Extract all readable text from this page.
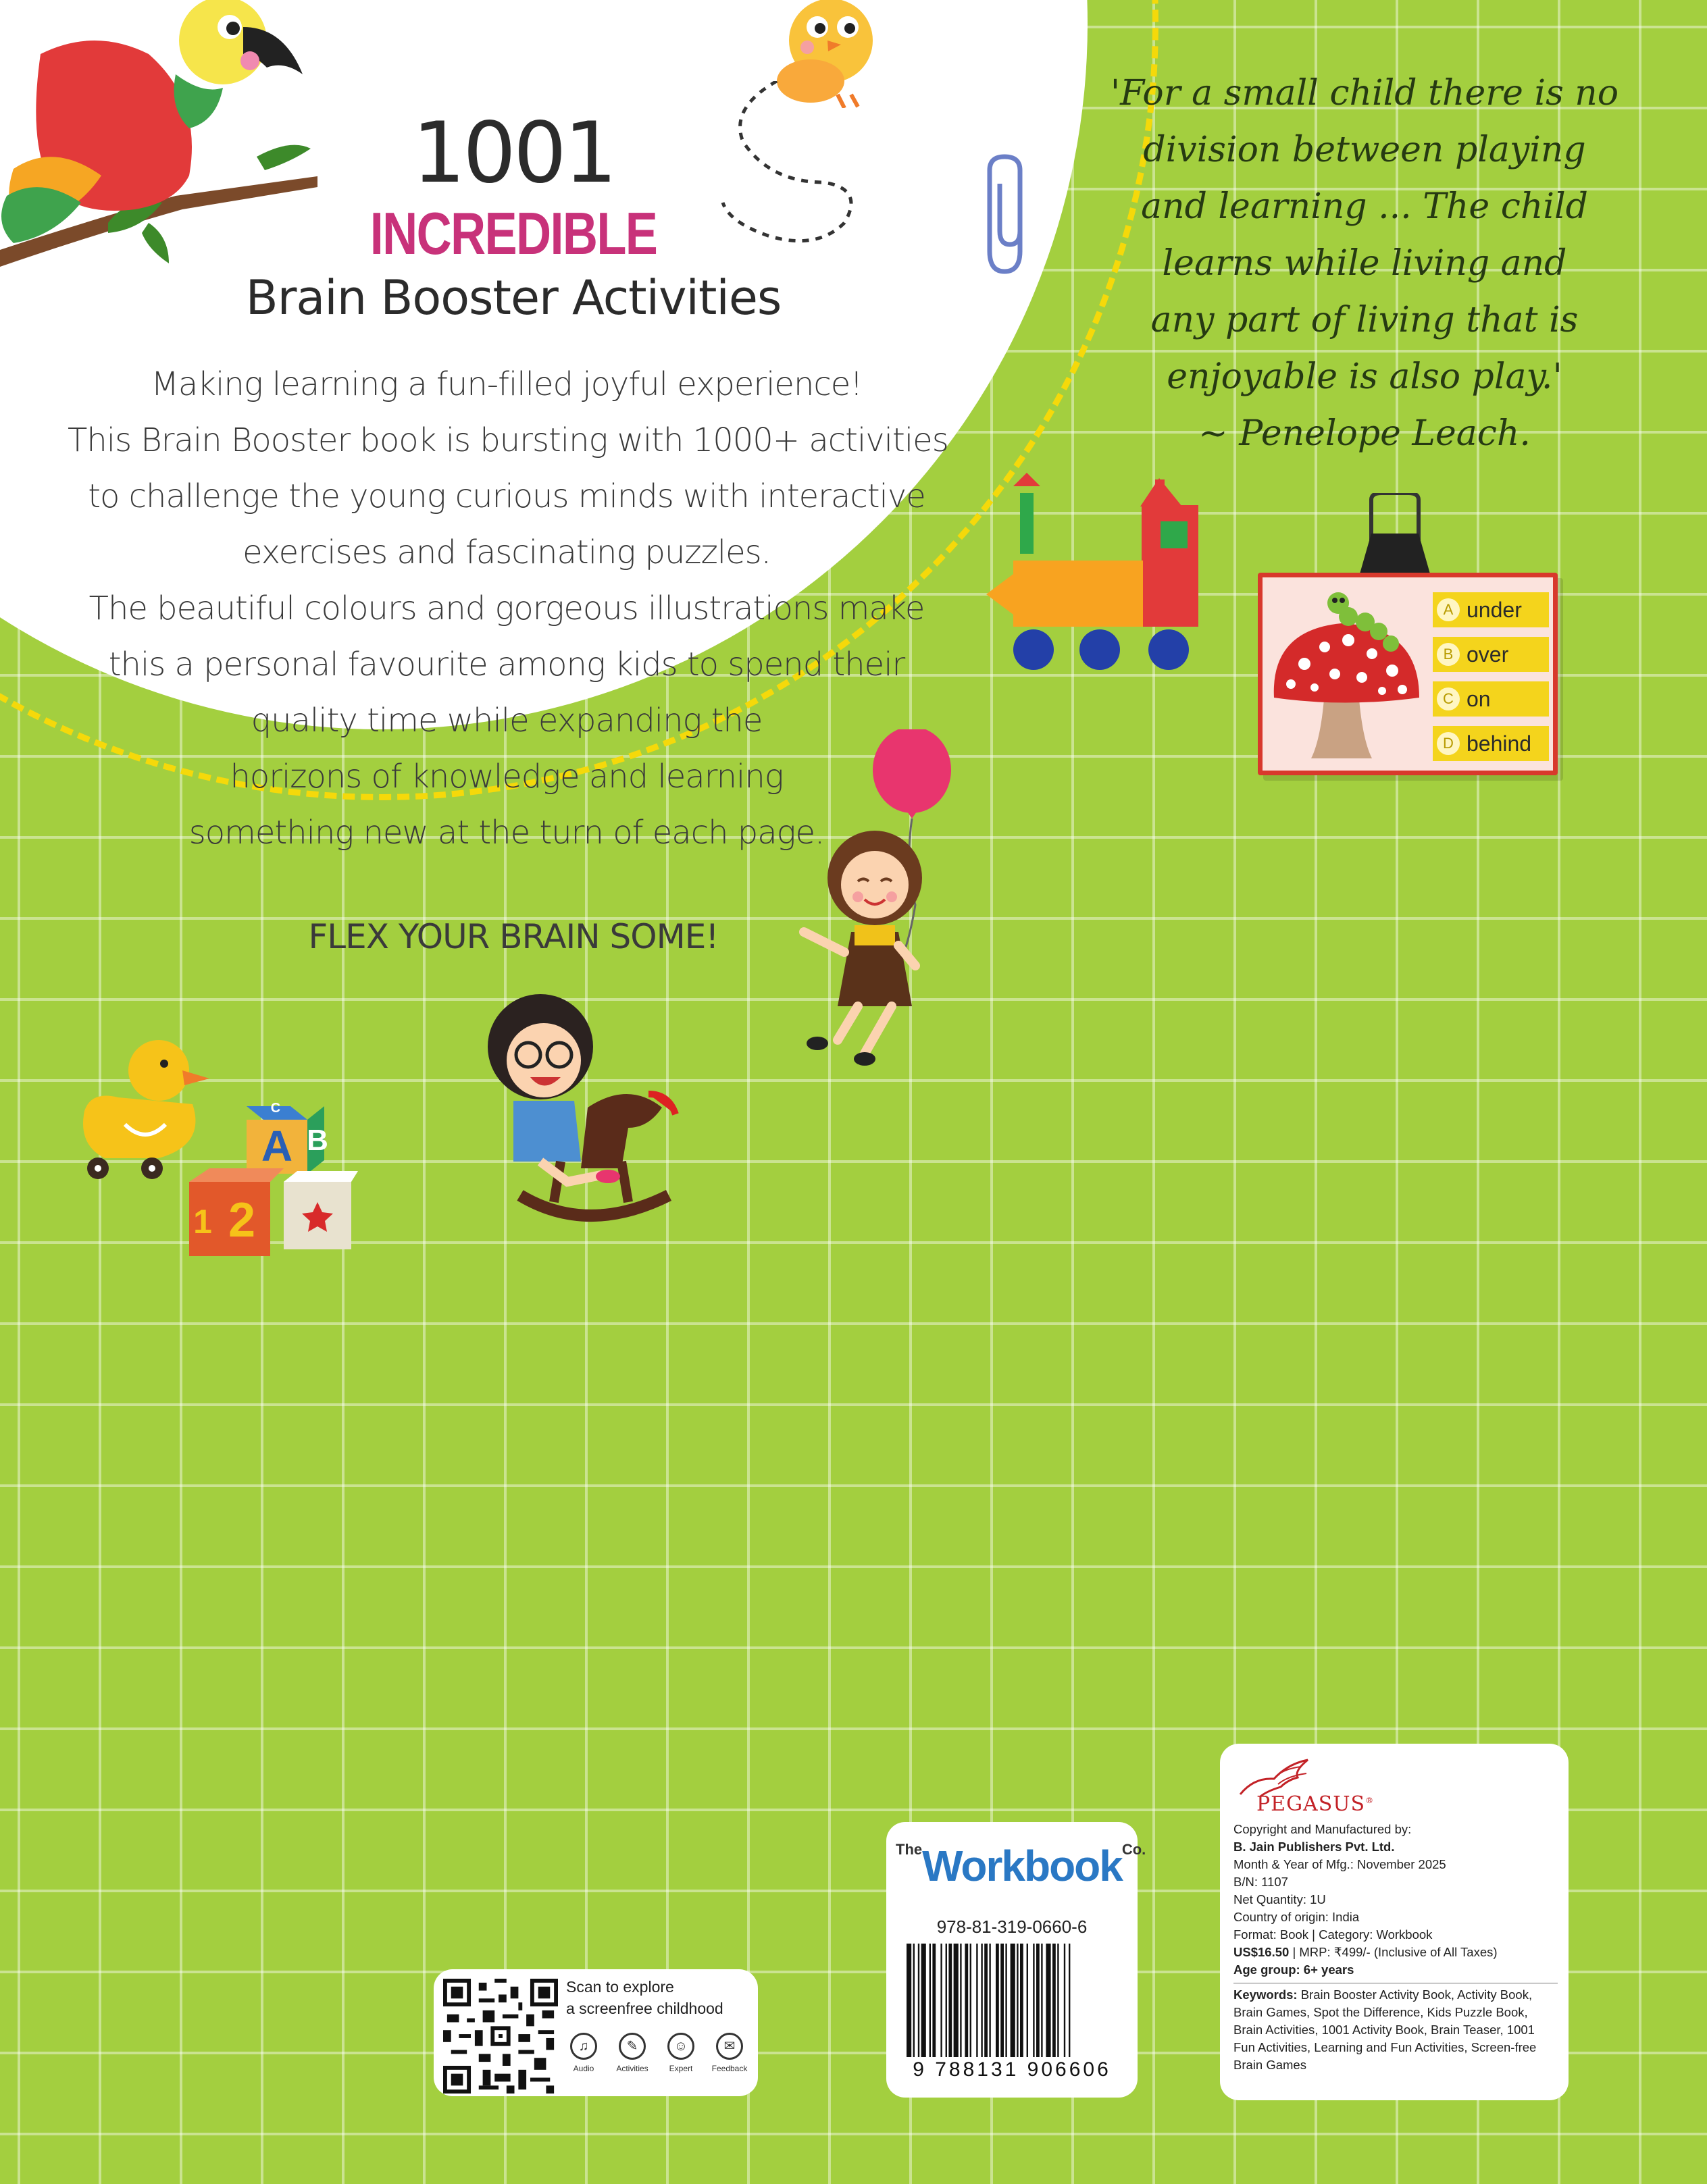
1001
INCREDIBLE
Brain Booster Activities
Making learning a fun-filled joyful experience!
This Brain Booster book is bursting with 1000+ activities
to challenge the young curious minds with interactive
exercises and fascinating puzzles.
The beautiful colours and gorgeous illustrations make
this a personal favourite among kids to spend their
quality time while expanding the
horizons of knowledge and learning
something new at the turn of each page.
FLEX YOUR BRAIN SOME!
'For a small child there is no
division between playing
and learning ... The child
learns while living and
any part of living that is
enjoyable is also play.'
~ Penelope Leach.
A under
B over
C on
D behind
A B
C
1 2
Scan to explore
a screenfree childhood
♫
Audio
✎
Activities
☺
Expert
✉
Feedback
$^{The}$Workbook$^{Co.}$
978-81-319-0660-6
9 788131 906606
PEGASUS®
Copyright and Manufactured by:
B. Jain Publishers Pvt. Ltd.
Month & Year of Mfg.: November 2025
B/N: 1107
Net Quantity: 1U
Country of origin: India
Format: Book | Category: Workbook
US$16.50 | MRP: ₹499/- (Inclusive of All Taxes)
Age group: 6+ years
Keywords: Brain Booster Activity Book, Activity Book, Brain Games, Spot the Difference, Kids Puzzle Book, Brain Activities, 1001 Activity Book, Brain Teaser, 1001 Fun Activities, Learning and Fun Activities, Screen-free Brain Games
